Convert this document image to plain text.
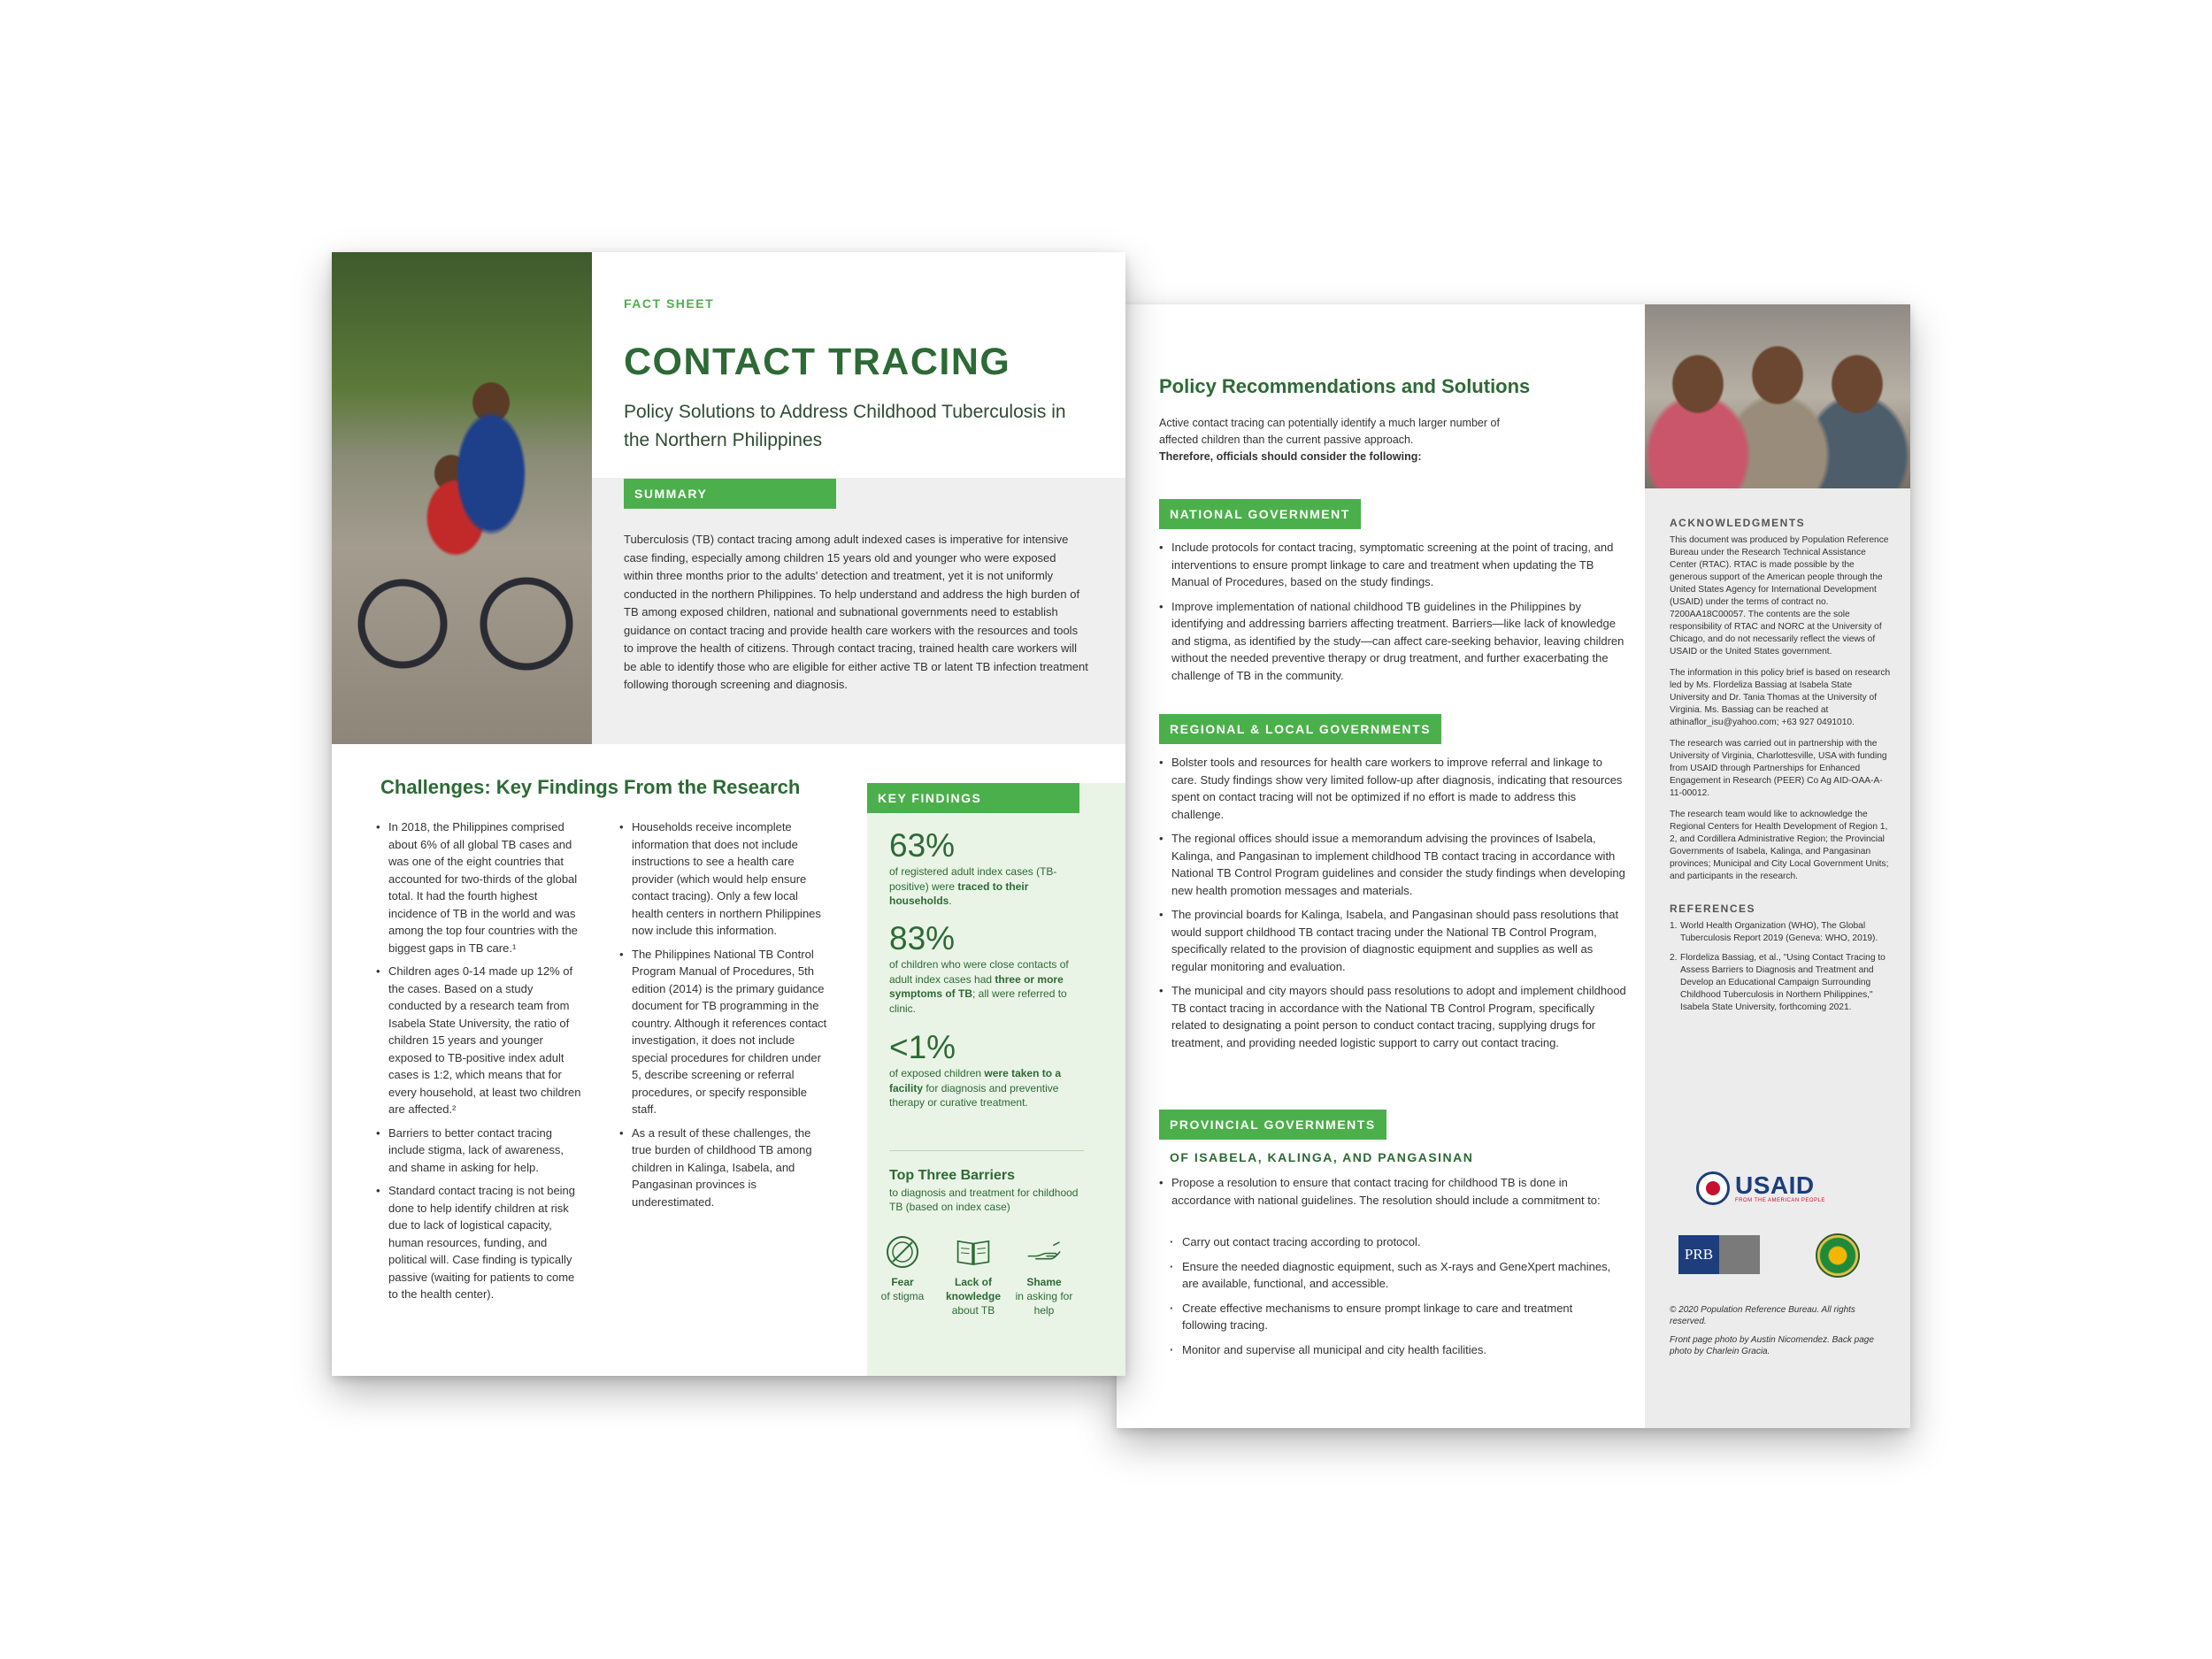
Policy Recommendations and Solutions
Active contact tracing can potentially identify a much larger number of affected children than the current passive approach.
Therefore, officials should consider the following:
NATIONAL GOVERNMENT
• Include protocols for contact tracing, symptomatic screening at the point of tracing, and interventions to ensure prompt linkage to care and treatment when updating the TB Manual of Procedures, based on the study findings.
• Improve implementation of national childhood TB guidelines in the Philippines by identifying and addressing barriers affecting treatment. Barriers—like lack of knowledge and stigma, as identified by the study—can affect care-seeking behavior, leaving children without the needed preventive therapy or drug treatment, and further exacerbating the challenge of TB in the community.
REGIONAL & LOCAL GOVERNMENTS
• Bolster tools and resources for health care workers to improve referral and linkage to care. Study findings show very limited follow-up after diagnosis, indicating that resources spent on contact tracing will not be optimized if no effort is made to address this challenge.
• The regional offices should issue a memorandum advising the provinces of Isabela, Kalinga, and Pangasinan to implement childhood TB contact tracing in accordance with National TB Control Program guidelines and consider the study findings when developing new health promotion messages and materials.
• The provincial boards for Kalinga, Isabela, and Pangasinan should pass resolutions that would support childhood TB contact tracing under the National TB Control Program, specifically related to the provision of diagnostic equipment and supplies as well as regular monitoring and evaluation.
• The municipal and city mayors should pass resolutions to adopt and implement childhood TB contact tracing in accordance with the National TB Control Program, specifically related to designating a point person to conduct contact tracing, supplying drugs for treatment, and providing needed logistic support to carry out contact tracing.
PROVINCIAL GOVERNMENTS
OF ISABELA, KALINGA, AND PANGASINAN
• Propose a resolution to ensure that contact tracing for childhood TB is done in accordance with national guidelines. The resolution should include a commitment to:
· Carry out contact tracing according to protocol.
· Ensure the needed diagnostic equipment, such as X-rays and GeneXpert machines, are available, functional, and accessible.
· Create effective mechanisms to ensure prompt linkage to care and treatment following tracing.
· Monitor and supervise all municipal and city health facilities.
ACKNOWLEDGMENTS

This document was produced by Population Reference Bureau under the Research Technical Assistance Center (RTAC). RTAC is made possible by the generous support of the American people through the United States Agency for International Development (USAID) under the terms of contract no. 7200AA18C00057. The contents are the sole responsibility of RTAC and NORC at the University of Chicago, and do not necessarily reflect the views of USAID or the United States government.

The information in this policy brief is based on research led by Ms. Flordeliza Bassiag at Isabela State University and Dr. Tania Thomas at the University of Virginia. Ms. Bassiag can be reached at athinaflor_isu@yahoo.com; +63 927 0491010.

The research was carried out in partnership with the University of Virginia, Charlottesville, USA with funding from USAID through Partnerships for Enhanced Engagement in Research (PEER) Co Ag AID-OAA-A-11-00012.

The research team would like to acknowledge the Regional Centers for Health Development of Region 1, 2, and Cordillera Administrative Region; the Provincial Governments of Isabela, Kalinga, and Pangasinan provinces; Municipal and City Local Government Units; and participants in the research.

REFERENCES
1. World Health Organization (WHO), The Global Tuberculosis Report 2019 (Geneva: WHO, 2019).
2. Flordeliza Bassiag, et al., "Using Contact Tracing to Assess Barriers to Diagnosis and Treatment and Develop an Educational Campaign Surrounding Childhood Tuberculosis in Northern Philippines," Isabela State University, forthcoming 2021.
USAID
FROM THE AMERICAN PEOPLE
PRB
© 2020 Population Reference Bureau. All rights reserved.
Front page photo by Austin Nicomendez. Back page photo by Charlein Gracia.
FACT SHEET
CONTACT TRACING
Policy Solutions to Address Childhood Tuberculosis in the Northern Philippines
SUMMARY

Tuberculosis (TB) contact tracing among adult indexed cases is imperative for intensive case finding, especially among children 15 years old and younger who were exposed within three months prior to the adults' detection and treatment, yet it is not uniformly conducted in the northern Philippines. To help understand and address the high burden of TB among exposed children, national and subnational governments need to establish guidance on contact tracing and provide health care workers with the resources and tools to improve the health of citizens. Through contact tracing, trained health care workers will be able to identify those who are eligible for either active TB or latent TB infection treatment following thorough screening and diagnosis.

Challenges: Key Findings From the Research
• In 2018, the Philippines comprised about 6% of all global TB cases and was one of the eight countries that accounted for two-thirds of the global total. It had the fourth highest incidence of TB in the world and was among the top four countries with the biggest gaps in TB care.¹
• Children ages 0-14 made up 12% of the cases. Based on a study conducted by a research team from Isabela State University, the ratio of children 15 years and younger exposed to TB-positive index adult cases is 1:2, which means that for every household, at least two children are affected.²
• Barriers to better contact tracing include stigma, lack of awareness, and shame in asking for help.
• Standard contact tracing is not being done to help identify children at risk due to lack of logistical capacity, human resources, funding, and political will. Case finding is typically passive (waiting for patients to come to the health center).
• Households receive incomplete information that does not include instructions to see a health care provider (which would help ensure contact tracing). Only a few local health centers in northern Philippines now include this information.
• The Philippines National TB Control Program Manual of Procedures, 5th edition (2014) is the primary guidance document for TB programming in the country. Although it references contact investigation, it does not include special procedures for children under 5, describe screening or referral procedures, or specify responsible staff.
• As a result of these challenges, the true burden of childhood TB among children in Kalinga, Isabela, and Pangasinan provinces is underestimated.
KEY FINDINGS
63%
of registered adult index cases (TB-positive) were traced to their households.
83%
of children who were close contacts of adult index cases had three or more symptoms of TB; all were referred to clinic.
<1%
of exposed children were taken to a facility for diagnosis and preventive therapy or curative treatment.
Top Three Barriers
to diagnosis and treatment for childhood TB (based on index case)
Fear
of stigma
Lack of knowledge
about TB
Shame
in asking for help
